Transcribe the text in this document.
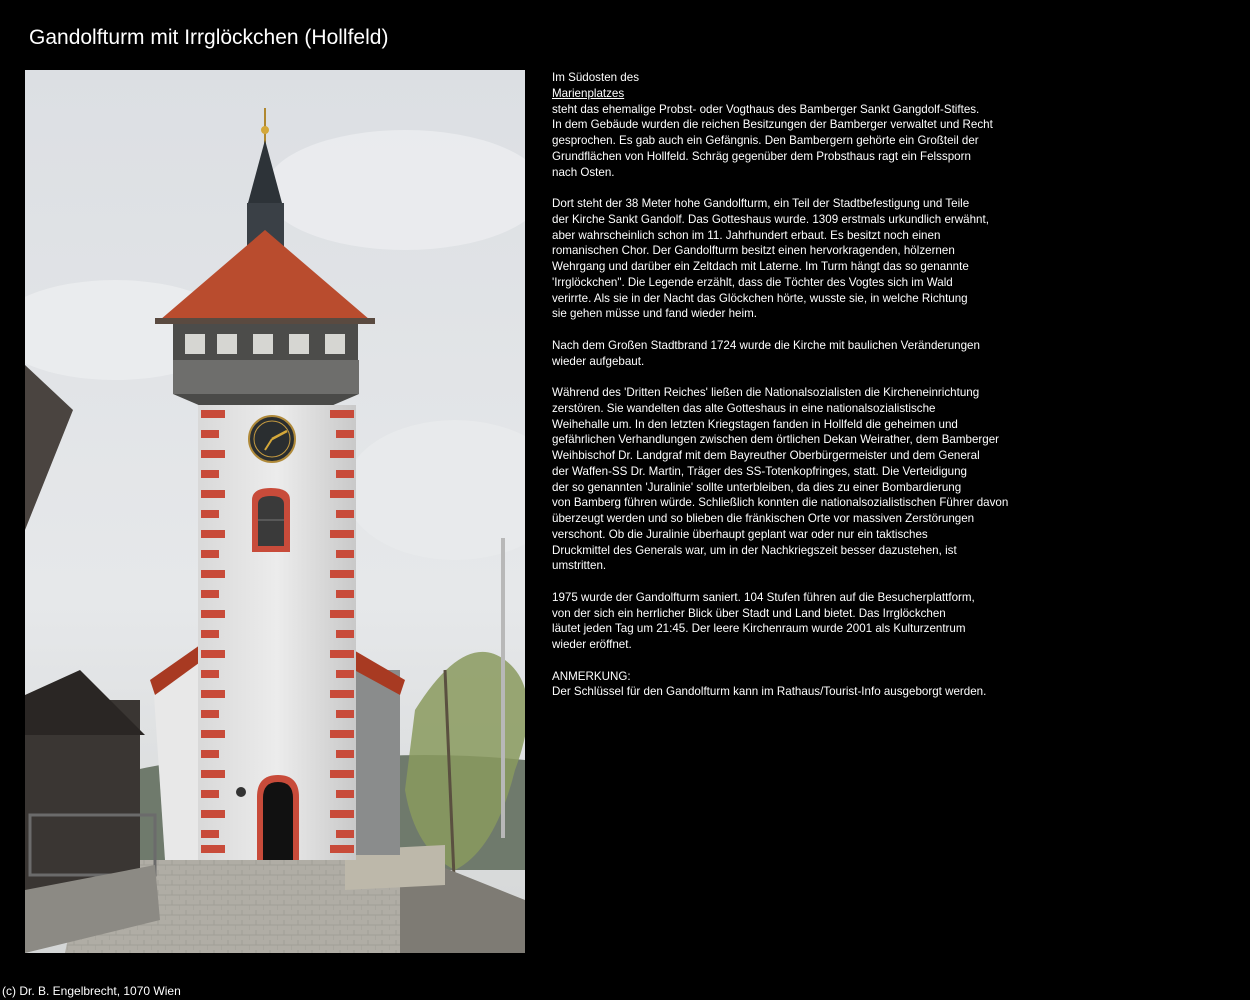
Gandolfturm mit Irrglöckchen (Hollfeld)
Im Südosten des
Marienplatzes
steht das ehemalige Probst- oder Vogthaus des Bamberger Sankt Gangdolf-Stiftes.
In dem Gebäude wurden die reichen Besitzungen der Bamberger verwaltet und Recht
gesprochen. Es gab auch ein Gefängnis. Den Bambergern gehörte ein Großteil der
Grundflächen von Hollfeld. Schräg gegenüber dem Probsthaus ragt ein Felssporn
nach Osten.
Dort steht der 38 Meter hohe Gandolfturm, ein Teil der Stadtbefestigung und Teile
der Kirche Sankt Gandolf. Das Gotteshaus wurde. 1309 erstmals urkundlich erwähnt,
aber wahrscheinlich schon im 11. Jahrhundert erbaut. Es besitzt noch einen
romanischen Chor. Der Gandolfturm besitzt einen hervorkragenden, hölzernen
Wehrgang und darüber ein Zeltdach mit Laterne. Im Turm hängt das so genannte
'Irrglöckchen". Die Legende erzählt, dass die Töchter des Vogtes sich im Wald
verirrte. Als sie in der Nacht das Glöckchen hörte, wusste sie, in welche Richtung
sie gehen müsse und fand wieder heim.
Nach dem Großen Stadtbrand 1724 wurde die Kirche mit baulichen Veränderungen
wieder aufgebaut.
Während des 'Dritten Reiches' ließen die Nationalsozialisten die Kircheneinrichtung
zerstören. Sie wandelten das alte Gotteshaus in eine nationalsozialistische
Weihehalle um. In den letzten Kriegstagen fanden in Hollfeld die geheimen und
gefährlichen Verhandlungen zwischen dem örtlichen Dekan Weirather, dem Bamberger
Weihbischof Dr. Landgraf mit dem Bayreuther Oberbürgermeister und dem General
der Waffen-SS Dr. Martin, Träger des SS-Totenkopfringes, statt. Die Verteidigung
der so genannten 'Juralinie' sollte unterbleiben, da dies zu einer Bombardierung
von Bamberg führen würde. Schließlich konnten die nationalsozialistischen Führer davon
überzeugt werden und so blieben die fränkischen Orte vor massiven Zerstörungen
verschont. Ob die Juralinie überhaupt geplant war oder nur ein taktisches
Druckmittel des Generals war, um in der Nachkriegszeit besser dazustehen, ist
umstritten.
1975 wurde der Gandolfturm saniert. 104 Stufen führen auf die Besucherplattform,
von der sich ein herrlicher Blick über Stadt und Land bietet. Das Irrglöckchen
läutet jeden Tag um 21:45. Der leere Kirchenraum wurde 2001 als Kulturzentrum
wieder eröffnet.
ANMERKUNG:
Der Schlüssel für den Gandolfturm kann im Rathaus/Tourist-Info ausgeborgt werden.
(c) Dr. B. Engelbrecht, 1070 Wien
